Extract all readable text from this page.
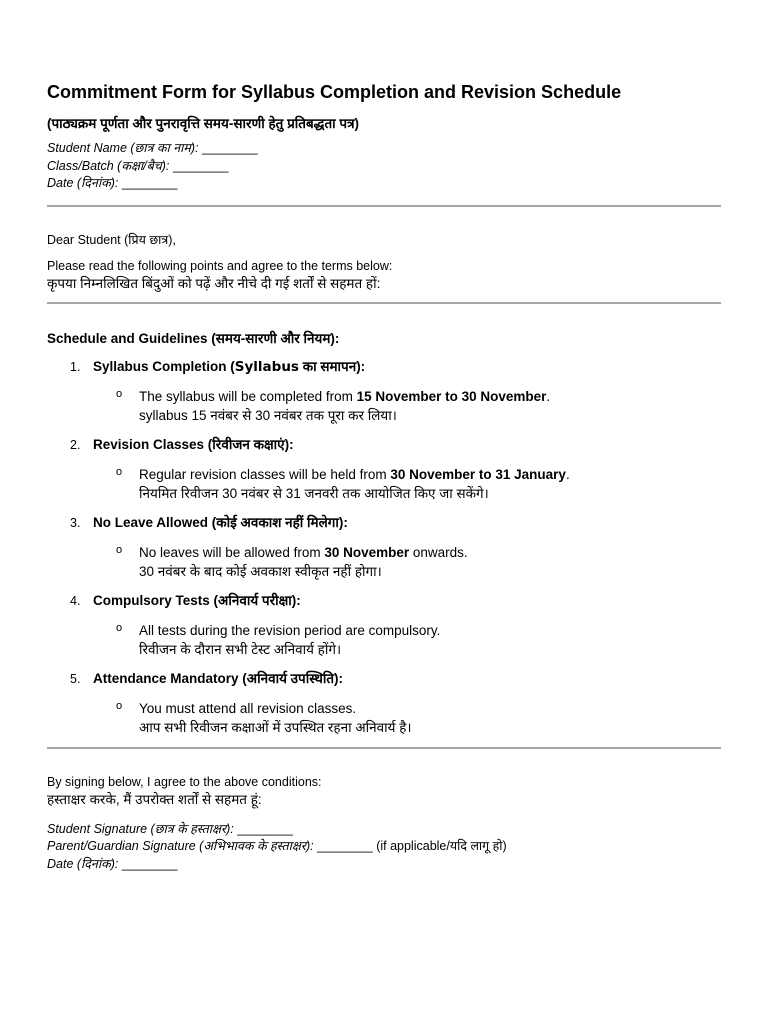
Commitment Form for Syllabus Completion and Revision Schedule
(पाठ्यक्रम पूर्णता और पुनरावृत्ति समय-सारणी हेतु प्रतिबद्धता पत्र)
Student Name (छात्र का नाम): ________
Class/Batch (कक्षा/बैच): ________
Date (दिनांक): ________
Dear Student (प्रिय छात्र),
Please read the following points and agree to the terms below:
कृपया निम्नलिखित बिंदुओं को पढ़ें और नीचे दी गई शर्तों से सहमत हों:
Schedule and Guidelines (समय-सारणी और नियम):
1. Syllabus Completion (Syllabus का समापन):
o The syllabus will be completed from 15 November to 30 November.
syllabus 15 नवंबर से 30 नवंबर तक पूरा कर लिया।
2. Revision Classes (रिवीजन कक्षाएं):
o Regular revision classes will be held from 30 November to 31 January.
नियमित रिवीजन 30 नवंबर से 31 जनवरी तक आयोजित किए जा सकेंगे।
3. No Leave Allowed (कोई अवकाश नहीं मिलेगा):
o No leaves will be allowed from 30 November onwards.
30 नवंबर के बाद कोई अवकाश स्वीकृत नहीं होगा।
4. Compulsory Tests (अनिवार्य परीक्षा):
o All tests during the revision period are compulsory.
रिवीजन के दौरान सभी टेस्ट अनिवार्य होंगे।
5. Attendance Mandatory (अनिवार्य उपस्थिति):
o You must attend all revision classes.
आप सभी रिवीजन कक्षाओं में उपस्थित रहना अनिवार्य है।
By signing below, I agree to the above conditions:
हस्ताक्षर करके, मैं उपरोक्त शर्तों से सहमत हूं:
Student Signature (छात्र के हस्ताक्षर): ________
Parent/Guardian Signature (अभिभावक के हस्ताक्षर): ________ (if applicable/यदि लागू हो)
Date (दिनांक): ________
